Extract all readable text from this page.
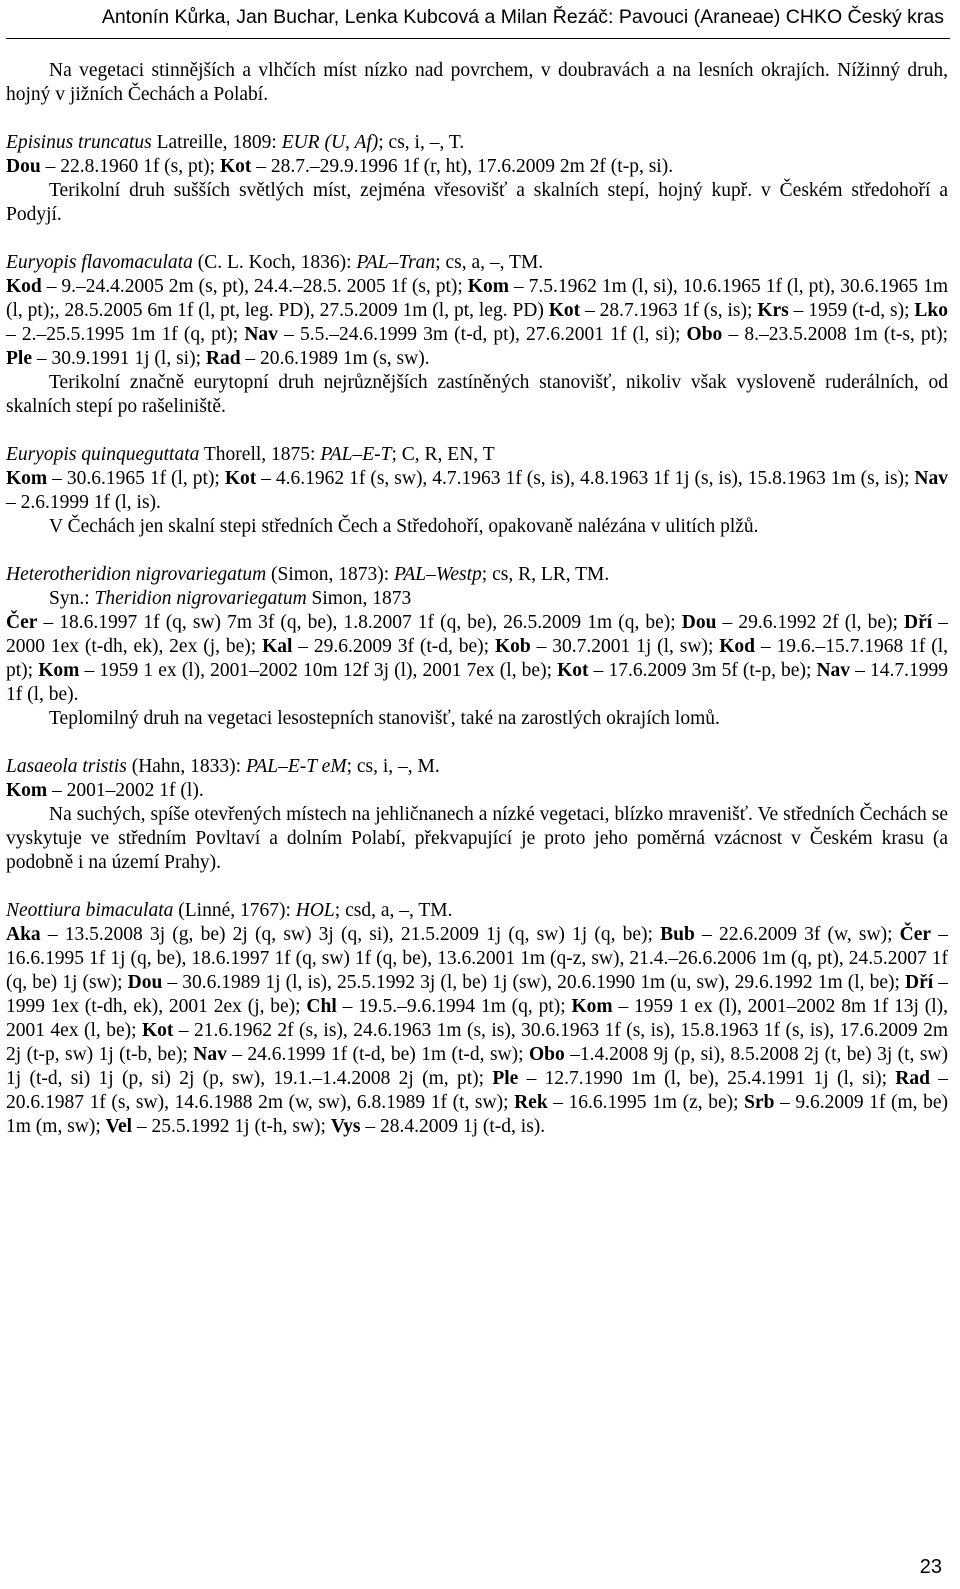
Antonín Kůrka, Jan Buchar, Lenka Kubcová a Milan Řezáč: Pavouci (Araneae) CHKO Český kras

Na vegetaci stinnějších a vlhčích míst nízko nad povrchem, v doubravách a na lesních okrajích. Nížinný druh, hojný v jižních Čechách a Polabí.

Episinus truncatus Latreille, 1809: EUR (U, Af); cs, i, –, T.

Dou – 22.8.1960 1f (s, pt); Kot – 28.7.–29.9.1996 1f (r, ht), 17.6.2009 2m 2f (t-p, si).

Terikolní druh sušších světlých míst, zejména vřesovišť a skalních stepí, hojný kupř. v Českém středohoří a Podyjí.

Euryopis flavomaculata (C. L. Koch, 1836): PAL–Tran; cs, a, –, TM.

Kod – 9.–24.4.2005 2m (s, pt), 24.4.–28.5. 2005 1f (s, pt); Kom – 7.5.1962 1m (l, si), 10.6.1965 1f (l, pt), 30.6.1965 1m (l, pt);, 28.5.2005 6m 1f (l, pt, leg. PD), 27.5.2009 1m (l, pt, leg. PD) Kot – 28.7.1963 1f (s, is); Krs – 1959 (t-d, s); Lko – 2.–25.5.1995 1m 1f (q, pt); Nav – 5.5.–24.6.1999 3m (t-d, pt), 27.6.2001 1f (l, si); Obo – 8.–23.5.2008 1m (t-s, pt); Ple – 30.9.1991 1j (l, si); Rad – 20.6.1989 1m (s, sw).

Terikolní značně eurytopní druh nejrůznějších zastíněných stanovišť, nikoliv však vysloveně ruderálních, od skalních stepí po rašeliniště.

Euryopis quinqueguttata Thorell, 1875: PAL–E-T; C, R, EN, T

Kom – 30.6.1965 1f (l, pt); Kot – 4.6.1962 1f (s, sw), 4.7.1963 1f (s, is), 4.8.1963 1f 1j (s, is), 15.8.1963 1m (s, is); Nav – 2.6.1999 1f (l, is).

V Čechách jen skalní stepi středních Čech a Středohoří, opakovaně nalézána v ulitích plžů.

Heterotheridion nigrovariegatum (Simon, 1873): PAL–Westp; cs, R, LR, TM.

Syn.: Theridion nigrovariegatum Simon, 1873

Čer – 18.6.1997 1f (q, sw) 7m 3f (q, be), 1.8.2007 1f (q, be), 26.5.2009 1m (q, be); Dou – 29.6.1992 2f (l, be); Dří – 2000 1ex (t-dh, ek), 2ex (j, be); Kal – 29.6.2009 3f (t-d, be); Kob – 30.7.2001 1j (l, sw); Kod – 19.6.–15.7.1968 1f (l, pt); Kom – 1959 1 ex (l), 2001–2002 10m 12f 3j (l), 2001 7ex (l, be); Kot – 17.6.2009 3m 5f (t-p, be); Nav – 14.7.1999 1f (l, be).

Teplomilný druh na vegetaci lesostepních stanovišť, také na zarostlých okrajích lomů.

Lasaeola tristis (Hahn, 1833): PAL–E-T eM; cs, i, –, M.

Kom – 2001–2002 1f (l).

Na suchých, spíše otevřených místech na jehličnanech a nízké vegetaci, blízko mravenišť. Ve středních Čechách se vyskytuje ve středním Povltaví a dolním Polabí, překvapující je proto jeho poměrná vzácnost v Českém krasu (a podobně i na území Prahy).

Neottiura bimaculata (Linné, 1767): HOL; csd, a, –, TM.

Aka – 13.5.2008 3j (g, be) 2j (q, sw) 3j (q, si), 21.5.2009 1j (q, sw) 1j (q, be); Bub – 22.6.2009 3f (w, sw); Čer –16.6.1995 1f 1j (q, be), 18.6.1997 1f (q, sw) 1f (q, be), 13.6.2001 1m (q-z, sw), 21.4.–26.6.2006 1m (q, pt), 24.5.2007 1f (q, be) 1j (sw); Dou – 30.6.1989 1j (l, is), 25.5.1992 3j (l, be) 1j (sw), 20.6.1990 1m (u, sw), 29.6.1992 1m (l, be); Dří – 1999 1ex (t-dh, ek), 2001 2ex (j, be); Chl – 19.5.–9.6.1994 1m (q, pt); Kom – 1959 1 ex (l), 2001–2002 8m 1f 13j (l), 2001 4ex (l, be); Kot – 21.6.1962 2f (s, is), 24.6.1963 1m (s, is), 30.6.1963 1f (s, is), 15.8.1963 1f (s, is), 17.6.2009 2m 2j (t-p, sw) 1j (t-b, be); Nav – 24.6.1999 1f (t-d, be) 1m (t-d, sw); Obo –1.4.2008 9j (p, si), 8.5.2008 2j (t, be) 3j (t, sw) 1j (t-d, si) 1j (p, si) 2j (p, sw), 19.1.–1.4.2008 2j (m, pt); Ple – 12.7.1990 1m (l, be), 25.4.1991 1j (l, si); Rad – 20.6.1987 1f (s, sw), 14.6.1988 2m (w, sw), 6.8.1989 1f (t, sw); Rek – 16.6.1995 1m (z, be); Srb – 9.6.2009 1f (m, be) 1m (m, sw); Vel – 25.5.1992 1j (t-h, sw); Vys – 28.4.2009 1j (t-d, is).

23
